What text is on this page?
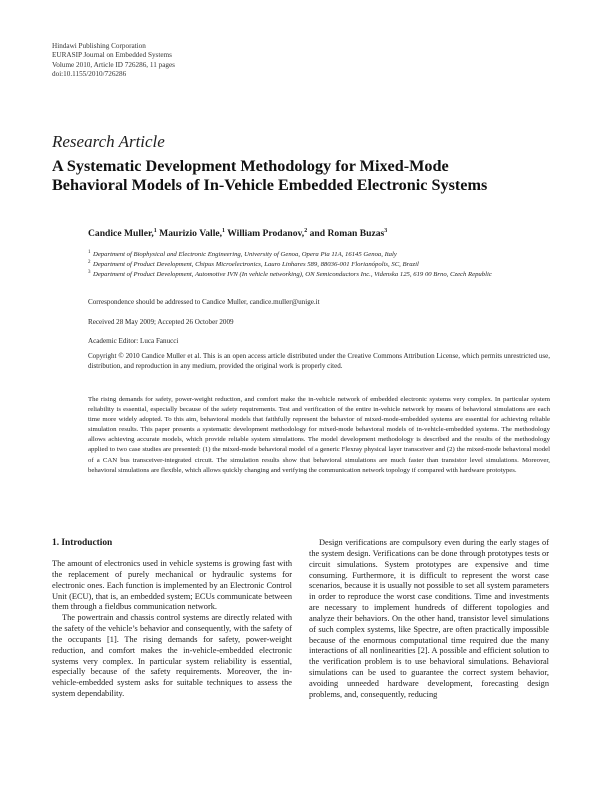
Hindawi Publishing Corporation
EURASIP Journal on Embedded Systems
Volume 2010, Article ID 726286, 11 pages
doi:10.1155/2010/726286
Research Article
A Systematic Development Methodology for Mixed-Mode
Behavioral Models of In-Vehicle Embedded Electronic Systems
Candice Muller,$^1$ Maurizio Valle,$^1$ William Prodanov,$^2$ and Roman Buzas$^3$
1 Department of Biophysical and Electronic Engineering, University of Genoa, Opera Pia 11A, 16145 Genoa, Italy
2 Department of Product Development, Chipus Microelectronics, Lauro Linhares 589, 88036-001 Florianópolis, SC, Brazil
3 Department of Product Development, Automotive IVN (In vehicle networking), ON Semiconductors Inc., Videnska 125, 619 00 Brno, Czech Republic
Correspondence should be addressed to Candice Muller, candice.muller@unige.it
Received 28 May 2009; Accepted 26 October 2009
Academic Editor: Luca Fanucci
Copyright © 2010 Candice Muller et al. This is an open access article distributed under the Creative Commons Attribution License, which permits unrestricted use, distribution, and reproduction in any medium, provided the original work is properly cited.
The rising demands for safety, power-weight reduction, and comfort make the in-vehicle network of embedded electronic systems very complex. In particular system reliability is essential, especially because of the safety requirements. Test and verification of the entire in-vehicle network by means of behavioral simulations are each time more widely adopted. To this aim, behavioral models that faithfully represent the behavior of mixed-mode-embedded systems are essential for achieving reliable simulation results. This paper presents a systematic development methodology for mixed-mode behavioral models of in-vehicle-embedded systems. The methodology allows achieving accurate models, which provide reliable system simulations. The model development methodology is described and the results of the methodology applied to two case studies are presented: (1) the mixed-mode behavioral model of a generic Flexray physical layer transceiver and (2) the mixed-mode behavioral model of a CAN bus transceiver-integrated circuit. The simulation results show that behavioral simulations are much faster than transistor level simulations. Moreover, behavioral simulations are flexible, which allows quickly changing and verifying the communication network topology if compared with hardware prototypes.
1. Introduction

The amount of electronics used in vehicle systems is growing fast with the replacement of purely mechanical or hydraulic systems for electronic ones. Each function is implemented by an Electronic Control Unit (ECU), that is, an embedded system; ECUs communicate between them through a fieldbus communication network.

The powertrain and chassis control systems are directly related with the safety of the vehicle’s behavior and consequently, with the safety of the occupants [1]. The rising demands for safety, power-weight reduction, and comfort makes the in-vehicle-embedded electronic systems very complex. In particular system reliability is essential, especially because of the safety requirements. Moreover, the in-vehicle-embedded system asks for suitable techniques to assess the system dependability.

Design verifications are compulsory even during the early stages of the system design. Verifications can be done through prototypes tests or circuit simulations. System prototypes are expensive and time consuming. Furthermore, it is difficult to represent the worst case scenarios, because it is usually not possible to set all system parameters in order to reproduce the worst case conditions. Time and investments are necessary to implement hundreds of different topologies and analyze their behaviors. On the other hand, transistor level simulations of such complex systems, like Spectre, are often practically impossible because of the enormous computational time required due the many interactions of all nonlinearities [2]. A possible and efficient solution to the verification problem is to use behavioral simulations. Behavioral simulations can be used to guarantee the correct system behavior, avoiding unneeded hardware development, forecasting design problems, and, consequently, reducing
